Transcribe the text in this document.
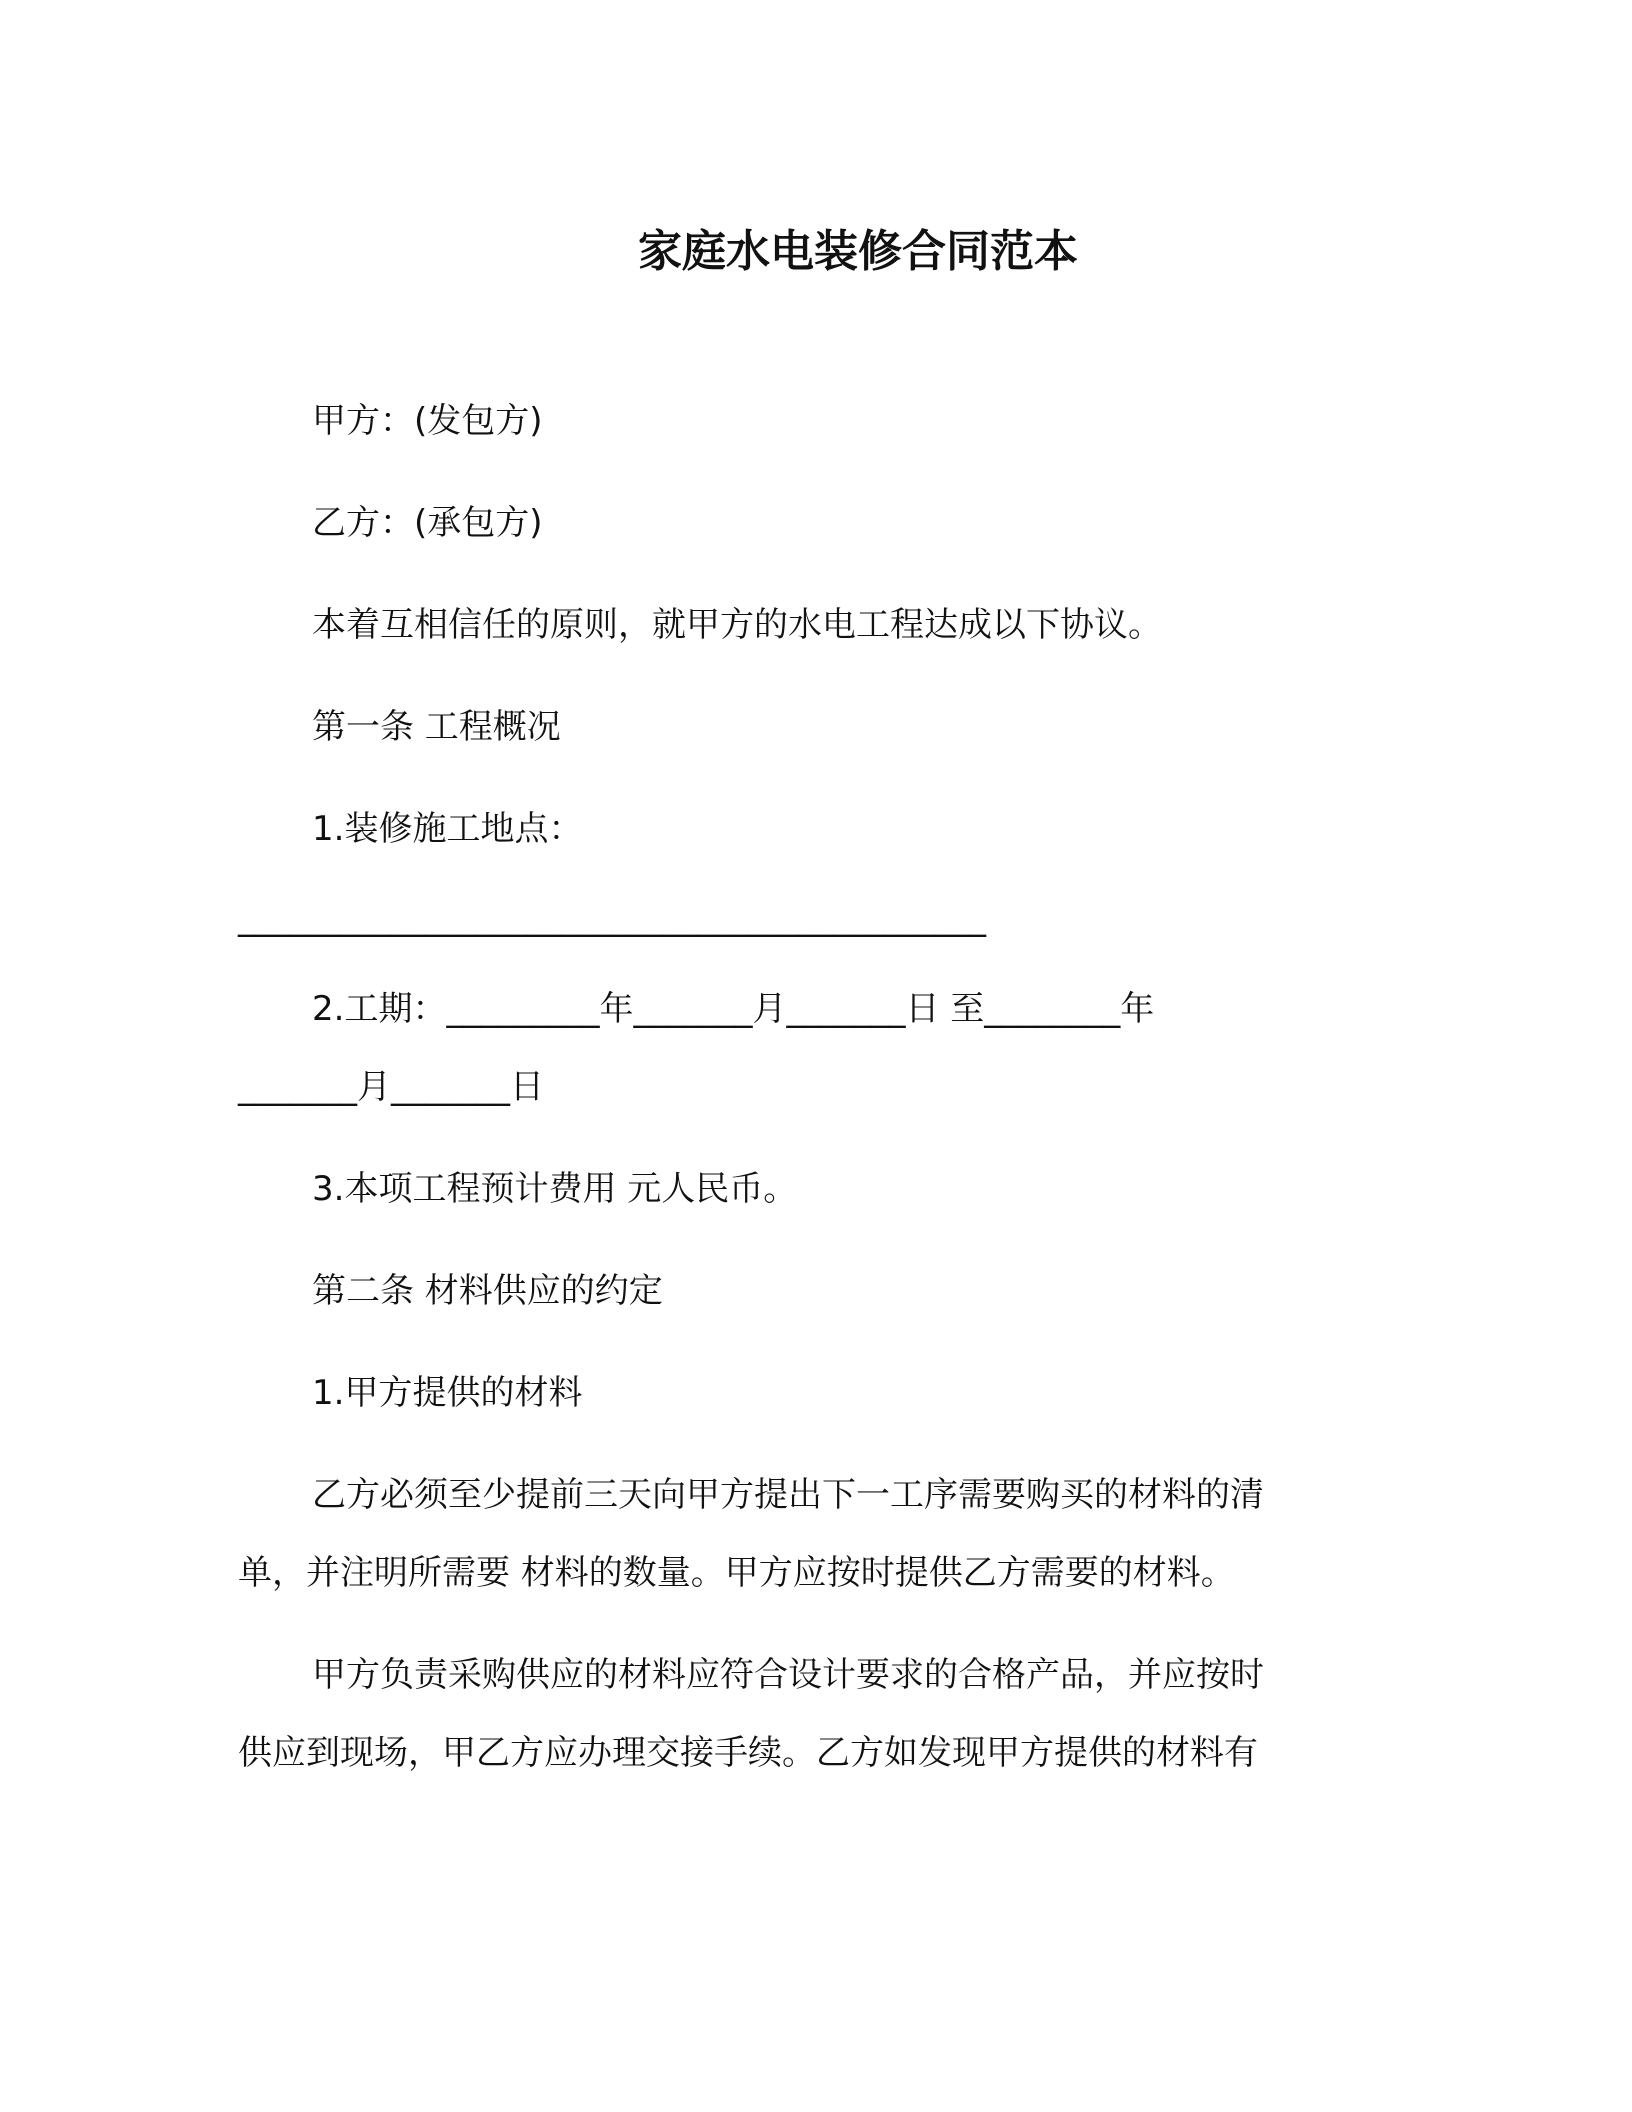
家庭水电装修合同范本
甲方：(发包方)
乙方：(承包方)
本着互相信任的原则，就甲方的水电工程达成以下协议。
第一条 工程概况
1.装修施工地点：
____________________________________________
2.工期：_________年_______月_______日 至________年
_______月_______日
3.本项工程预计费用 元人民币。
第二条 材料供应的约定
1.甲方提供的材料
乙方必须至少提前三天向甲方提出下一工序需要购买的材料的清
单，并注明所需要 材料的数量。甲方应按时提供乙方需要的材料。
甲方负责采购供应的材料应符合设计要求的合格产品，并应按时
供应到现场，甲乙方应办理交接手续。乙方如发现甲方提供的材料有
